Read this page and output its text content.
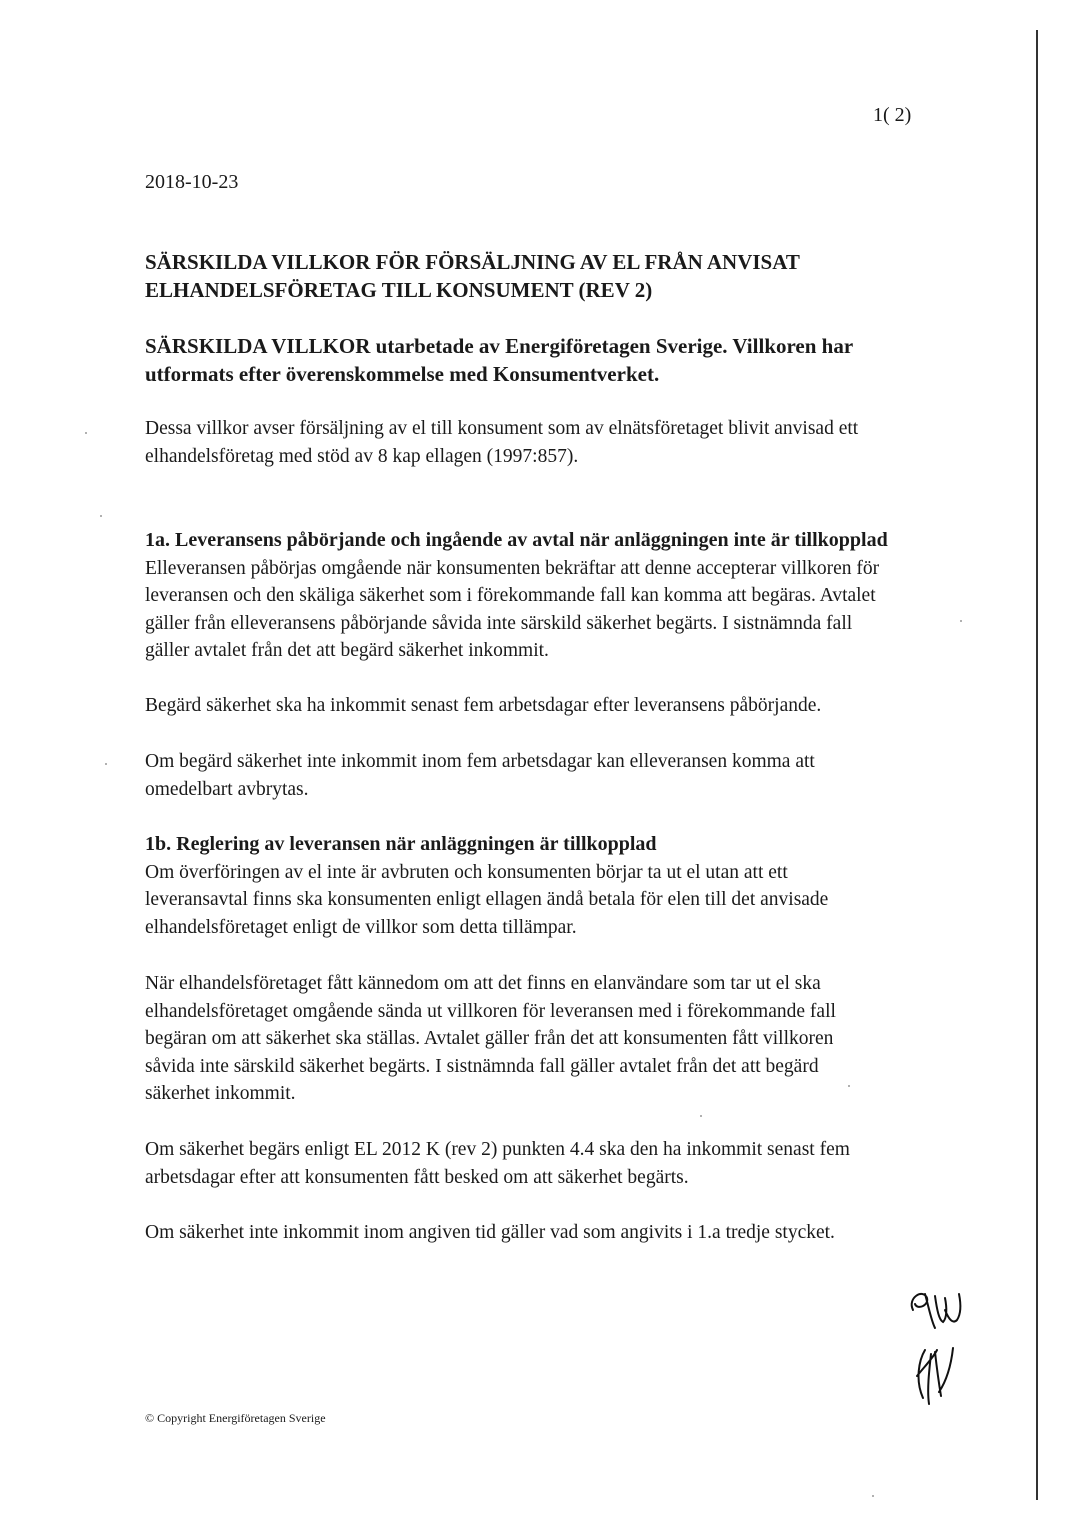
1( 2)
2018-10-23
SÄRSKILDA VILLKOR FÖR FÖRSÄLJNING AV EL FRÅN ANVISAT
ELHANDELSFÖRETAG TILL KONSUMENT (REV 2)
SÄRSKILDA VILLKOR utarbetade av Energiföretagen Sverige. Villkoren har
utformats efter överenskommelse med Konsumentverket.
Dessa villkor avser försäljning av el till konsument som av elnätsföretaget blivit anvisad ett
elhandelsföretag med stöd av 8 kap ellagen (1997:857).
1a. Leveransens påbörjande och ingående av avtal när anläggningen inte är tillkopplad
Elleveransen påbörjas omgående när konsumenten bekräftar att denne accepterar villkoren för
leveransen och den skäliga säkerhet som i förekommande fall kan komma att begäras. Avtalet
gäller från elleveransens påbörjande såvida inte särskild säkerhet begärts. I sistnämnda fall
gäller avtalet från det att begärd säkerhet inkommit.
Begärd säkerhet ska ha inkommit senast fem arbetsdagar efter leveransens påbörjande.
Om begärd säkerhet inte inkommit inom fem arbetsdagar kan elleveransen komma att
omedelbart avbrytas.
1b. Reglering av leveransen när anläggningen är tillkopplad
Om överföringen av el inte är avbruten och konsumenten börjar ta ut el utan att ett
leveransavtal finns ska konsumenten enligt ellagen ändå betala för elen till det anvisade
elhandelsföretaget enligt de villkor som detta tillämpar.
När elhandelsföretaget fått kännedom om att det finns en elanvändare som tar ut el ska
elhandelsföretaget omgående sända ut villkoren för leveransen med i förekommande fall
begäran om att säkerhet ska ställas. Avtalet gäller från det att konsumenten fått villkoren
såvida inte särskild säkerhet begärts. I sistnämnda fall gäller avtalet från det att begärd
säkerhet inkommit.
Om säkerhet begärs enligt EL 2012 K (rev 2) punkten 4.4 ska den ha inkommit senast fem
arbetsdagar efter att konsumenten fått besked om att säkerhet begärts.
Om säkerhet inte inkommit inom angiven tid gäller vad som angivits i 1.a tredje stycket.
© Copyright Energiföretagen Sverige
